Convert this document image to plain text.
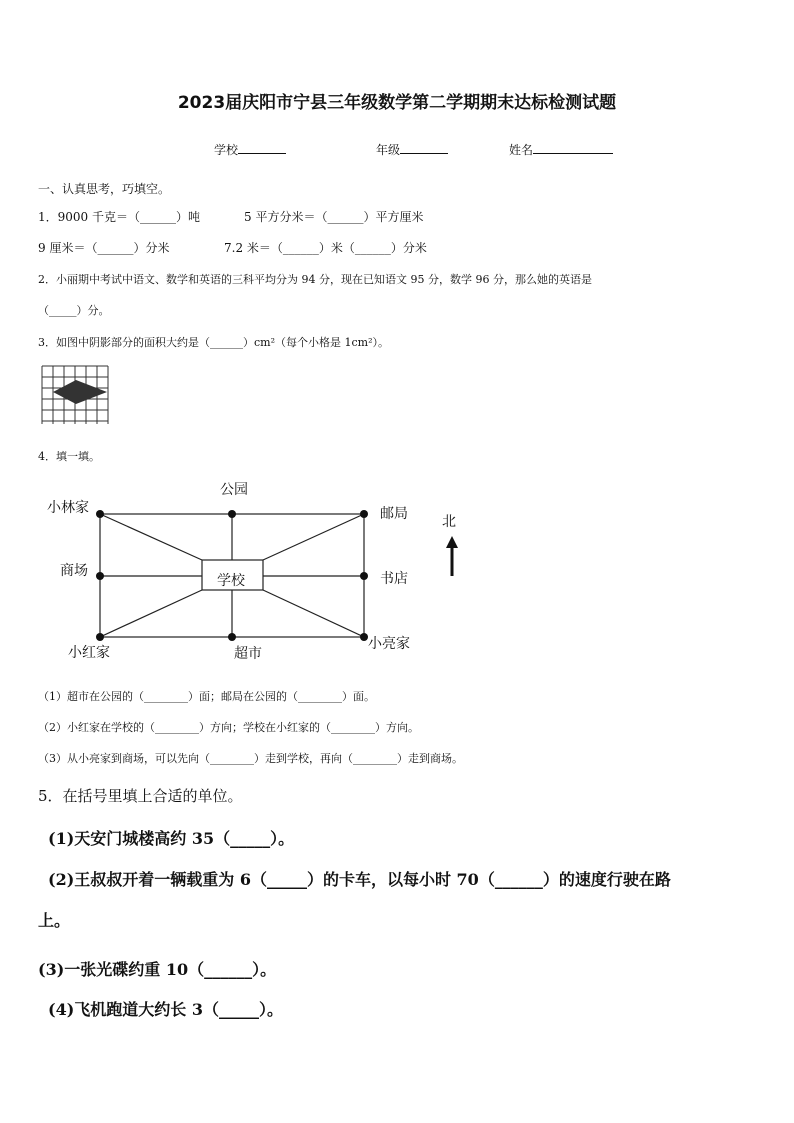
2023届庆阳市宁县三年级数学第二学期期末达标检测试题
学校	年级	姓名
一、认真思考，巧填空。
1．9000 千克＝（______）吨	5 平方分米＝（______）平方厘米
9 厘米＝（______）分米	7.2 米＝（______）米（______）分米
2．小丽期中考试中语文、数学和英语的三科平均分为 94 分，现在已知语文 95 分，数学 96 分，那么她的英语是
（_____）分。
3．如图中阴影部分的面积大约是（______）cm²（每个小格是 1cm²）。
4．填一填。
公园
小林家	邮局
商场
学校	书店
小红家	超市
小亮家
北
（1）超市在公园的（________）面；邮局在公园的（________）面。
（2）小红家在学校的（________）方向；学校在小红家的（________）方向。
（3）从小亮家到商场，可以先向（________）走到学校，再向（________）走到商场。
5．在括号里填上合适的单位。
(1)天安门城楼高约 35（_____）。
(2)王叔叔开着一辆载重为 6（_____）的卡车，以每小时 70（______）的速度行驶在路
上。
(3)一张光碟约重 10（______）。
(4)飞机跑道大约长 3（_____）。
